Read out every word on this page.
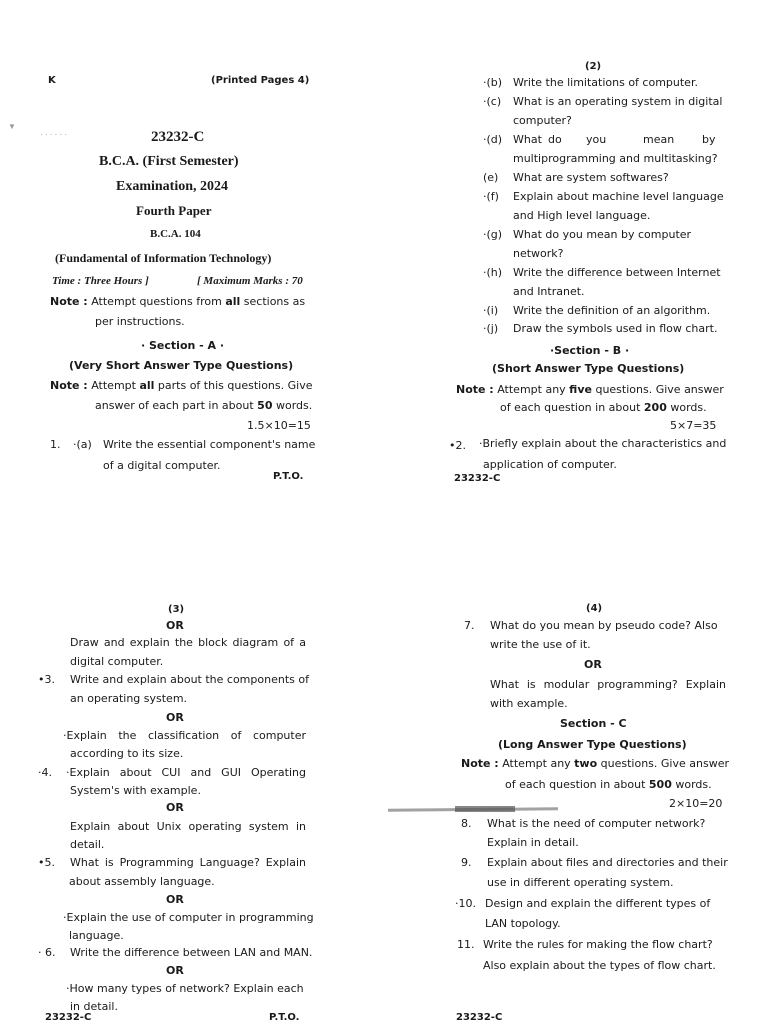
K	(Printed Pages 4)
▼
· · · · · ·	23232-C
B.C.A. (First Semester)
Examination, 2024
Fourth Paper
B.C.A. 104
(Fundamental of Information Technology)
Time : Three Hours ]	[ Maximum Marks : 70
Note : Attempt questions from all sections as
per instructions.
· Section - A ·
(Very Short Answer Type Questions)
Note : Attempt all parts of this questions. Give
answer of each part in about 50 words.
1.5×10=15
1. ·(a) Write the essential component's name
of a digital computer.
P.T.O.
(2)
·(b) Write the limitations of computer.
·(c) What is an operating system in digital
computer?
·(d) What do you	mean	by
multiprogramming and multitasking?
(e) What are system softwares?
·(f) Explain about machine level language
and High level language.
·(g) What do you mean by computer
network?
·(h) Write the difference between Internet
and Intranet.
·(i) Write the definition of an algorithm.
·(j) Draw the symbols used in flow chart.
·Section - B ·
(Short Answer Type Questions)
Note : Attempt any five questions. Give answer
of each question in about 200 words.
5×7=35
•2. ·Briefly explain about the characteristics and
application of computer.
23232-C
(3)
OR
Draw and explain the block diagram of a
digital computer.
•3. Write and explain about the components of
an operating system.
OR
·Explain the classification of computer
according to its size.
·4. ·Explain about CUI and GUI Operating
System's with example.
OR
Explain about Unix operating system in
detail.
•5. What is Programming Language? Explain
about assembly language.
OR
·Explain the use of computer in programming
language.
· 6. Write the difference between LAN and MAN.
OR
·How many types of network? Explain each
in detail.
23232-C	P.T.O.
(4)
7. What do you mean by pseudo code? Also
write the use of it.
OR
What is modular programming? Explain
with example.
Section - C
(Long Answer Type Questions)
Note : Attempt any two questions. Give answer
of each question in about 500 words.
2×10=20
8. What is the need of computer network?
Explain in detail.
9. Explain about files and directories and their
use in different operating system.
·10. Design and explain the different types of
LAN topology.
11. Write the rules for making the flow chart?
Also explain about the types of flow chart.
23232-C
